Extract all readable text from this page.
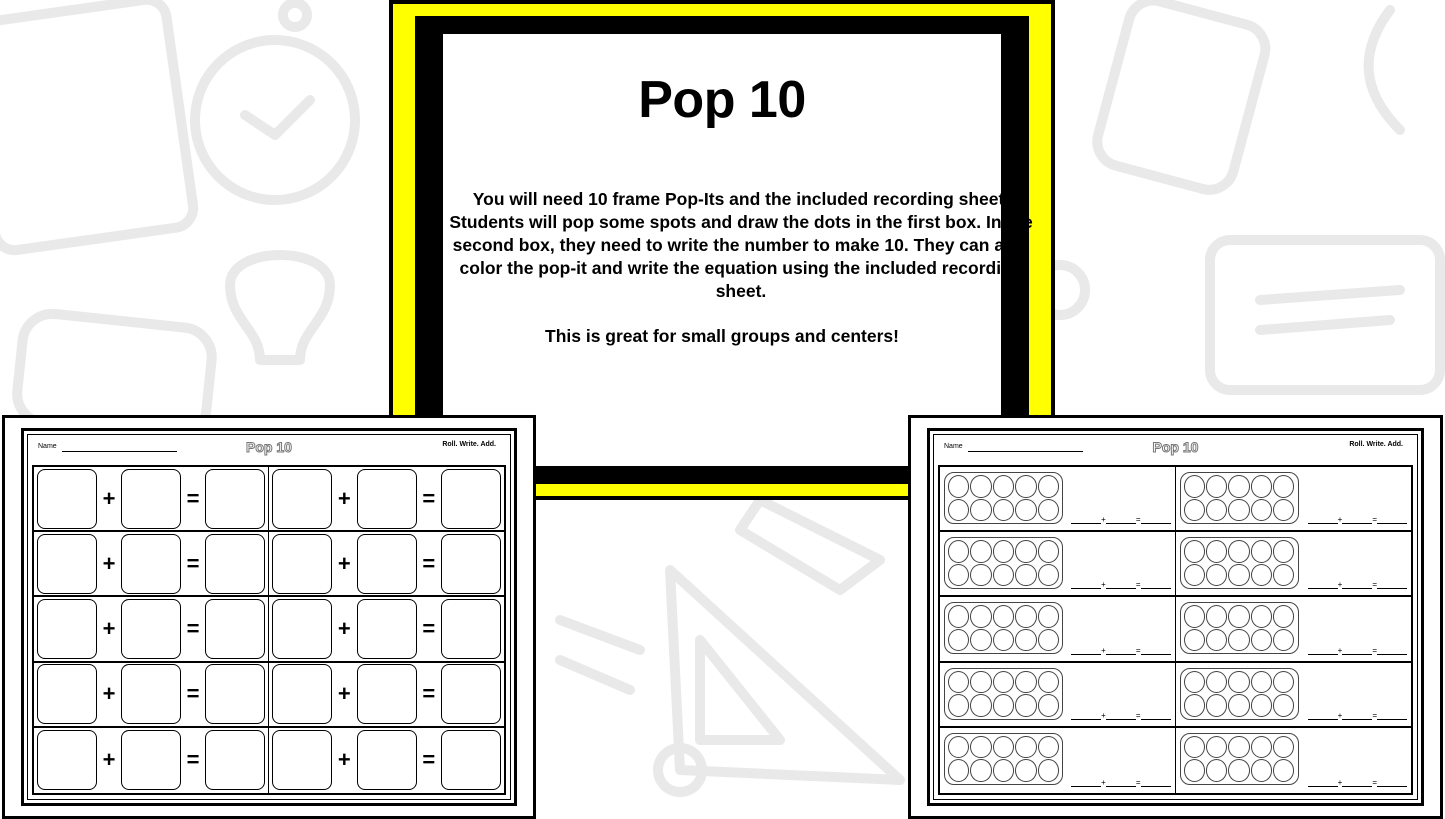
Pop 10
You will need 10 frame Pop-Its and the included recording sheet. Students will pop some spots and draw the dots in the first box. In the second box, they need to write the number to make 10. They can also color the pop-it and write the equation using the included recording sheet.
This is great for small groups and centers!
Name	Pop 10	Roll. Write. Add.
+	=	+	=
+	=	+	=
+	=	+	=
+	=	+	=
+	=	+	=
Name	Pop 10	Roll. Write. Add.
+	=	+	=
+	=	+	=
+	=	+	=
+	=	+	=
+	=	+	=
